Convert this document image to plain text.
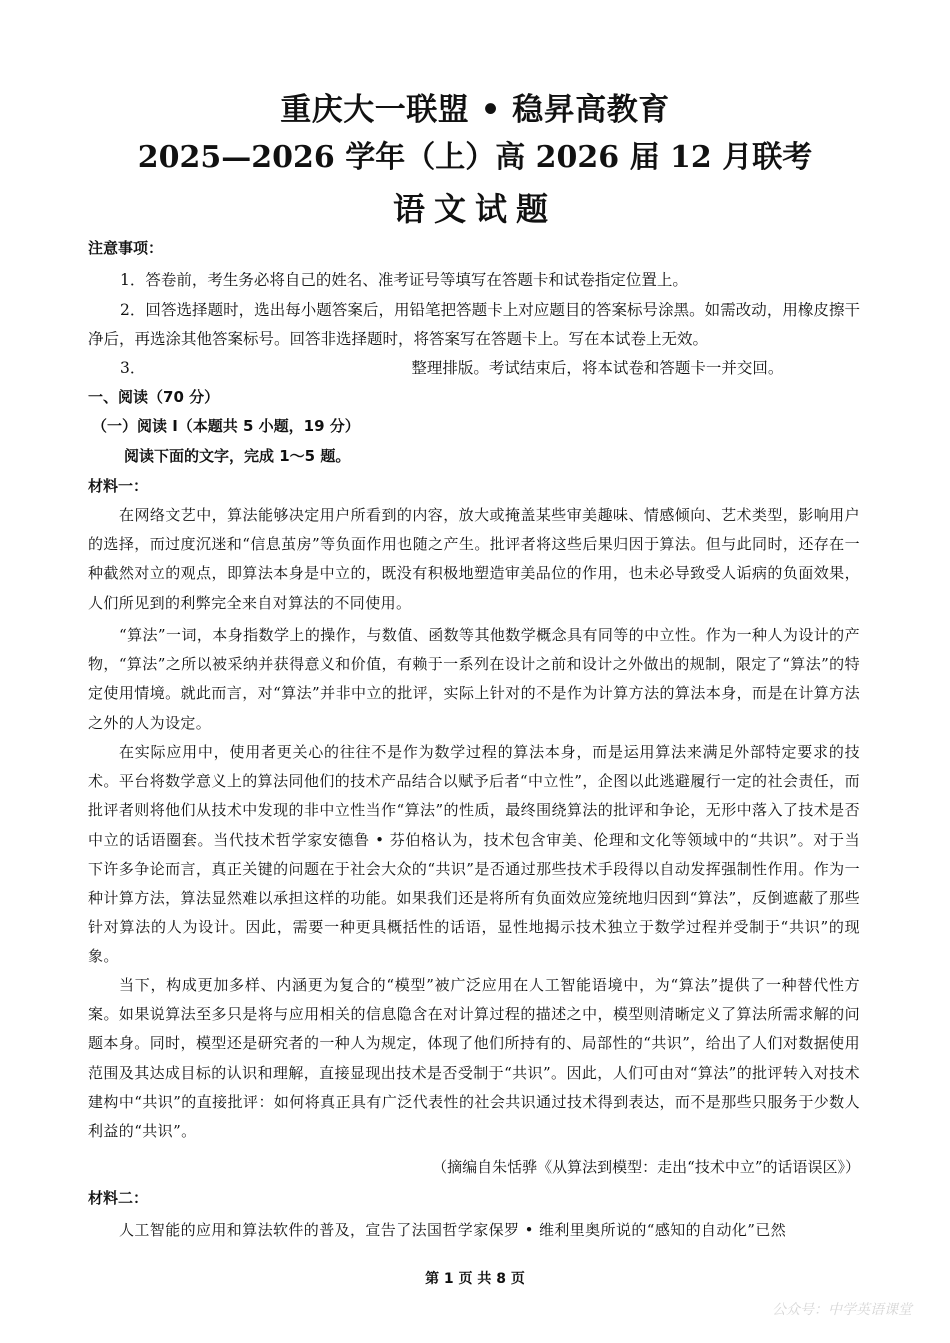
重庆大一联盟 • 稳昇高教育
2025—2026 学年（上）高 2026 届 12 月联考
语文试题
注意事项：
1．答卷前，考生务必将自己的姓名、准考证号等填写在答题卡和试卷指定位置上。
2．回答选择题时，选出每小题答案后，用铅笔把答题卡上对应题目的答案标号涂黑。如需改动，用橡皮擦干净后，再选涂其他答案标号。回答非选择题时，将答案写在答题卡上。写在本试卷上无效。
3．	整理排版。考试结束后，将本试卷和答题卡一并交回。
一、阅读（70 分）
（一）阅读 I（本题共 5 小题，19 分）
阅读下面的文字，完成 1～5 题。
材料一：
在网络文艺中，算法能够决定用户所看到的内容，放大或掩盖某些审美趣味、情感倾向、艺术类型，影响用户的选择，而过度沉迷和“信息茧房”等负面作用也随之产生。批评者将这些后果归因于算法。但与此同时，还存在一种截然对立的观点，即算法本身是中立的，既没有积极地塑造审美品位的作用，也未必导致受人诟病的负面效果，人们所见到的利弊完全来自对算法的不同使用。
“算法”一词，本身指数学上的操作，与数值、函数等其他数学概念具有同等的中立性。作为一种人为设计的产物，“算法”之所以被采纳并获得意义和价值，有赖于一系列在设计之前和设计之外做出的规制，限定了“算法”的特定使用情境。就此而言，对“算法”并非中立的批评，实际上针对的不是作为计算方法的算法本身，而是在计算方法之外的人为设定。
在实际应用中，使用者更关心的往往不是作为数学过程的算法本身，而是运用算法来满足外部特定要求的技术。平台将数学意义上的算法同他们的技术产品结合以赋予后者“中立性”，企图以此逃避履行一定的社会责任，而批评者则将他们从技术中发现的非中立性当作“算法”的性质，最终围绕算法的批评和争论，无形中落入了技术是否中立的话语圈套。当代技术哲学家安德鲁 • 芬伯格认为，技术包含审美、伦理和文化等领域中的“共识”。对于当下许多争论而言，真正关键的问题在于社会大众的“共识”是否通过那些技术手段得以自动发挥强制性作用。作为一种计算方法，算法显然难以承担这样的功能。如果我们还是将所有负面效应笼统地归因到“算法”，反倒遮蔽了那些针对算法的人为设计。因此，需要一种更具概括性的话语，显性地揭示技术独立于数学过程并受制于“共识”的现象。
当下，构成更加多样、内涵更为复合的“模型”被广泛应用在人工智能语境中，为“算法”提供了一种替代性方案。如果说算法至多只是将与应用相关的信息隐含在对计算过程的描述之中，模型则清晰定义了算法所需求解的问题本身。同时，模型还是研究者的一种人为规定，体现了他们所持有的、局部性的“共识”，给出了人们对数据使用范围及其达成目标的认识和理解，直接显现出技术是否受制于“共识”。因此，人们可由对“算法”的批评转入对技术建构中“共识”的直接批评：如何将真正具有广泛代表性的社会共识通过技术得到表达，而不是那些只服务于少数人利益的“共识”。
（摘编自朱恬骅《从算法到模型：走出“技术中立”的话语误区》）
材料二：
人工智能的应用和算法软件的普及，宣告了法国哲学家保罗 • 维利里奥所说的“感知的自动化”已然
第 1 页 共 8 页
公众号：中学英语课堂
